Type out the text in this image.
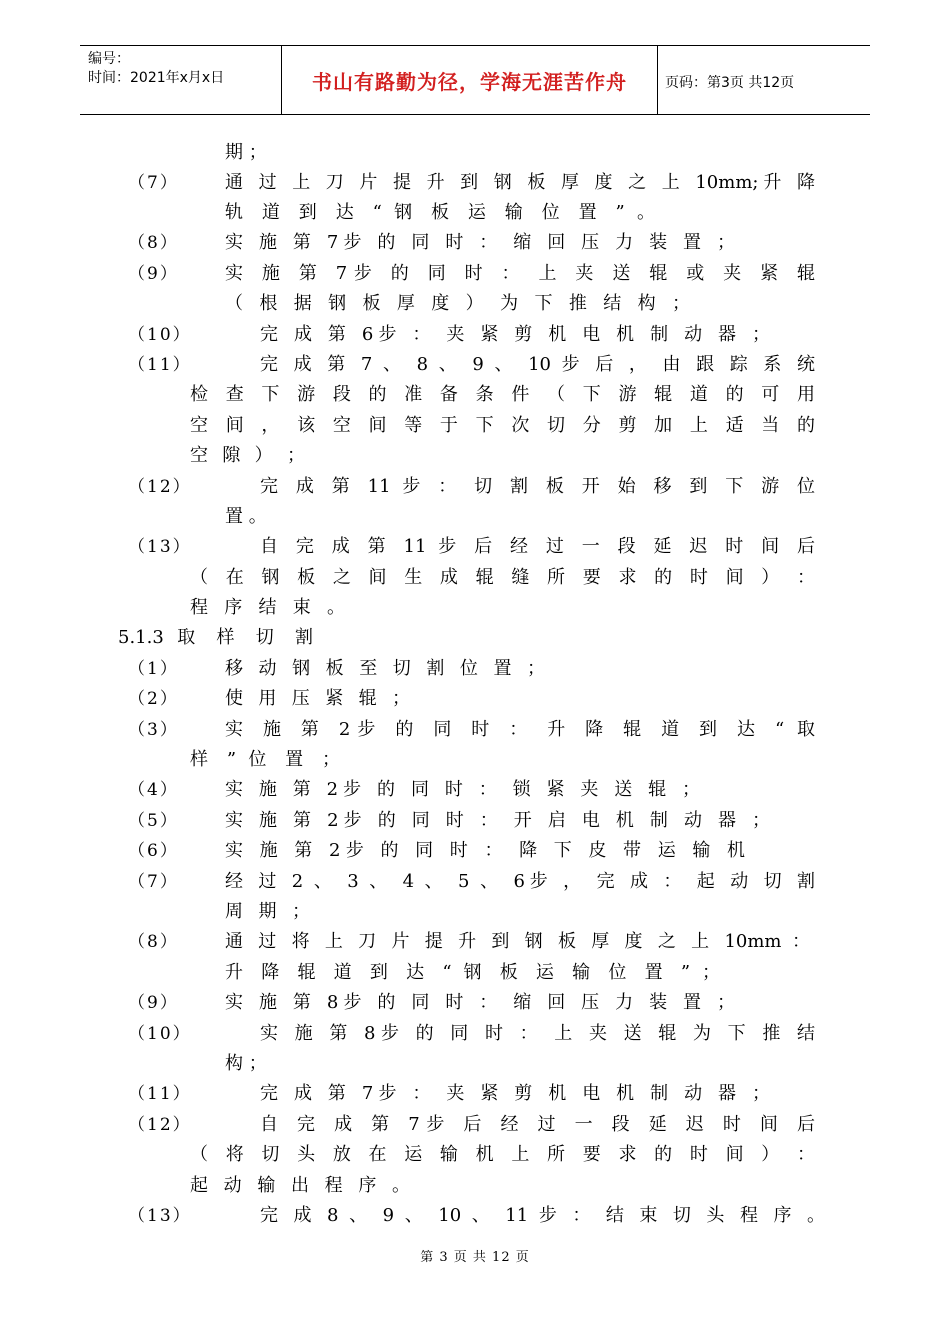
编号：
时间：2021年x月x日	书山有路勤为径，学海无涯苦作舟	页码：第3页 共12页
期 ；
（7）	通 过 上 刀 片 提 升 到 钢 板 厚 度 之 上 10mm;升 降
轨 道 到 达 “ 钢 板 运 输 位 置 ” 。
（8）	实 施 第 7步 的 同 时 ： 缩 回 压 力 装 置 ；
（9）	实 施 第 7步 的 同 时 ： 上 夹 送 辊 或 夹 紧 辊
（ 根 据 钢 板 厚 度 ） 为 下 推 结 构 ；
（10）	完 成 第 6步 ： 夹 紧 剪 机 电 机 制 动 器 ；
（11）	完 成 第 7 、 8 、 9 、 10 步 后 ， 由 跟 踪 系 统
检 查 下 游 段 的 准 备 条 件 （ 下 游 辊 道 的 可 用
空 间 ， 该 空 间 等 于 下 次 切 分 剪 加 上 适 当 的
空 隙 ） ；
（12）	完 成 第 11 步 ： 切 割 板 开 始 移 到 下 游 位
置 。
（13）	自 完 成 第 11 步 后 经 过 一 段 延 迟 时 间 后
（ 在 钢 板 之 间 生 成 辊 缝 所 要 求 的 时 间 ） ：
程 序 结 束 。
5.1.3 取 样 切 割
（1）	移 动 钢 板 至 切 割 位 置 ；
（2）	使 用 压 紧 辊 ；
（3）	实 施 第 2步 的 同 时 ： 升 降 辊 道 到 达 “ 取
样 ” 位 置 ；
（4）	实 施 第 2步 的 同 时 ： 锁 紧 夹 送 辊 ；
（5）	实 施 第 2步 的 同 时 ： 开 启 电 机 制 动 器 ；
（6）	实 施 第 2步 的 同 时 ： 降 下 皮 带 运 输 机
（7）	经 过 2 、 3 、 4 、 5 、 6步 ， 完 成 ： 起 动 切 割
周 期 ；
（8）	通 过 将 上 刀 片 提 升 到 钢 板 厚 度 之 上 10mm ：
升 降 辊 道 到 达 “ 钢 板 运 输 位 置 ” ；
（9）	实 施 第 8步 的 同 时 ： 缩 回 压 力 装 置 ；
（10）	实 施 第 8步 的 同 时 ： 上 夹 送 辊 为 下 推 结
构 ；
（11）	完 成 第 7步 ： 夹 紧 剪 机 电 机 制 动 器 ；
（12）	自 完 成 第 7步 后 经 过 一 段 延 迟 时 间 后
（ 将 切 头 放 在 运 输 机 上 所 要 求 的 时 间 ） ：
起 动 输 出 程 序 。
（13）	完 成 8 、 9 、 10 、 11 步 ： 结 束 切 头 程 序 。
第 3 页 共 12 页
